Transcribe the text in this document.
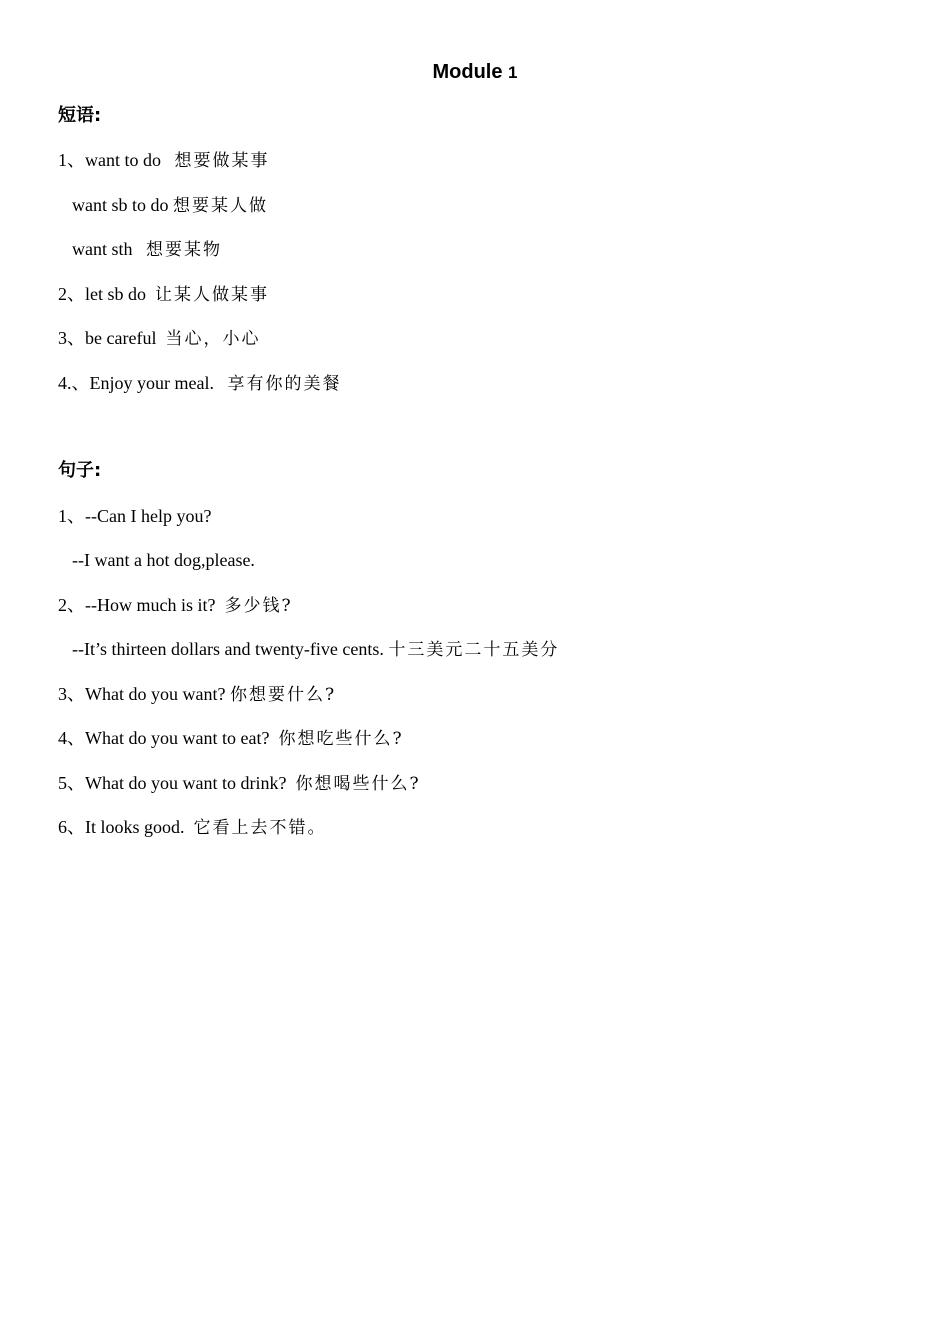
Module 1
短语:
1、want to do 想要做某事
want sb to do 想要某人做
want sth 想要某物
2、let sb do 让某人做某事
3、be careful 当心，小心
4.、Enjoy your meal. 享有你的美餐
句子:
1、--Can I help you?
--I want a hot dog,please.
2、--How much is it? 多少钱?
--It’s thirteen dollars and twenty-five cents. 十三美元二十五美分
3、What do you want? 你想要什么?
4、What do you want to eat? 你想吃些什么?
5、What do you want to drink? 你想喝些什么?
6、It looks good. 它看上去不错。
